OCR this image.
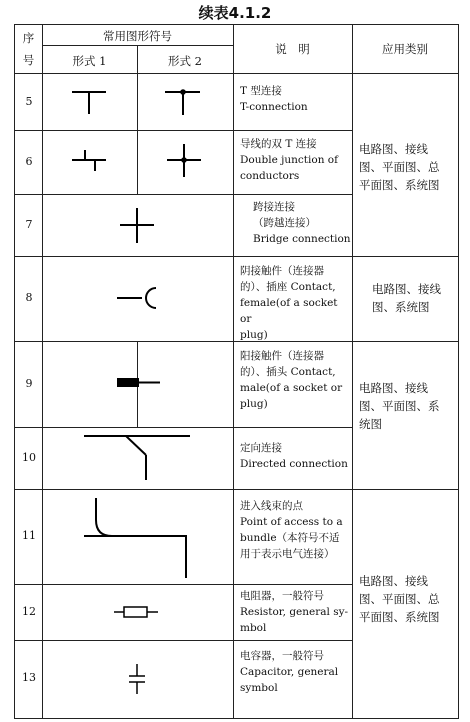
续表4.1.2
序
号
常用图形符号
形式 1	形式 2
说　明	应用类别
5
6
7
8
9
10
11
12
13
T 型连接
T-connection
导线的双 T 连接
Double junction of
conductors
跨接连接
（跨越连接）
Bridge connection
阴接触件（连接器
的）、插座 Contact,
female(of a socket or
plug)
阳接触件（连接器
的）、插头 Contact,
male(of a socket or
plug)
定向连接
Directed connection
进入线束的点
Point of access to a
bundle（本符号不适
用于表示电气连接）
电阻器，一般符号
Resistor, general sy-
mbol
电容器，一般符号
Capacitor, general
symbol
电路图、接线
图、平面图、总
平面图、系统图
电路图、接线
图、系统图
电路图、接线
图、平面图、系
统图
电路图、接线
图、平面图、总
平面图、系统图
